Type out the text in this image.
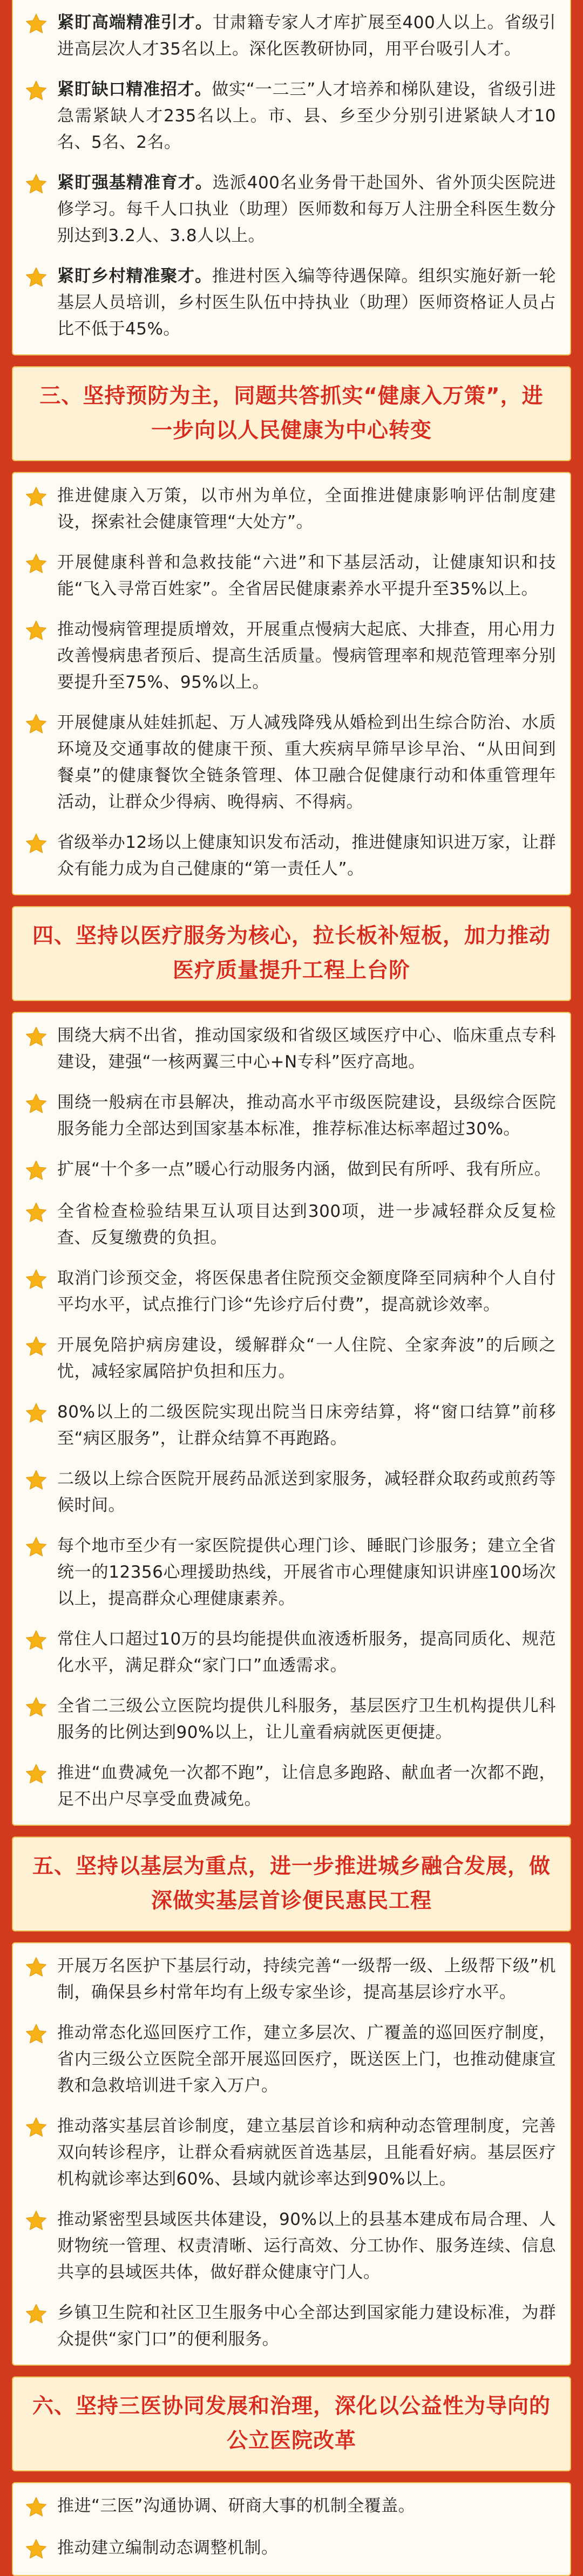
紧盯高端精准引才。甘肃籍专家人才库扩展至400人以上。省级引进高层次人才35名以上。深化医教研协同，用平台吸引人才。

紧盯缺口精准招才。做实“一二三”人才培养和梯队建设，省级引进急需紧缺人才235名以上。市、县、乡至少分别引进紧缺人才10名、5名、2名。

紧盯强基精准育才。选派400名业务骨干赴国外、省外顶尖医院进修学习。每千人口执业（助理）医师数和每万人注册全科医生数分别达到3.2人、3.8人以上。

紧盯乡村精准聚才。推进村医入编等待遇保障。组织实施好新一轮基层人员培训，乡村医生队伍中持执业（助理）医师资格证人员占比不低于45%。

三、坚持预防为主，同题共答抓实“健康入万策”，进一步向以人民健康为中心转变

推进健康入万策，以市州为单位，全面推进健康影响评估制度建设，探索社会健康管理“大处方”。

开展健康科普和急救技能“六进”和下基层活动，让健康知识和技能“飞入寻常百姓家”。全省居民健康素养水平提升至35%以上。

推动慢病管理提质增效，开展重点慢病大起底、大排查，用心用力改善慢病患者预后、提高生活质量。慢病管理率和规范管理率分别要提升至75%、95%以上。

开展健康从娃娃抓起、万人减残降残从婚检到出生综合防治、水质环境及交通事故的健康干预、重大疾病早筛早诊早治、“从田间到餐桌”的健康餐饮全链条管理、体卫融合促健康行动和体重管理年活动，让群众少得病、晚得病、不得病。

省级举办12场以上健康知识发布活动，推进健康知识进万家，让群众有能力成为自己健康的“第一责任人”。

四、坚持以医疗服务为核心，拉长板补短板，加力推动医疗质量提升工程上台阶

围绕大病不出省，推动国家级和省级区域医疗中心、临床重点专科建设，建强“一核两翼三中心+N专科”医疗高地。

围绕一般病在市县解决，推动高水平市级医院建设，县级综合医院服务能力全部达到国家基本标准，推荐标准达标率超过30%。

扩展“十个多一点”暖心行动服务内涵，做到民有所呼、我有所应。

全省检查检验结果互认项目达到300项，进一步减轻群众反复检查、反复缴费的负担。

取消门诊预交金，将医保患者住院预交金额度降至同病种个人自付平均水平，试点推行门诊“先诊疗后付费”，提高就诊效率。

开展免陪护病房建设，缓解群众“一人住院、全家奔波”的后顾之忧，减轻家属陪护负担和压力。

80%以上的二级医院实现出院当日床旁结算，将“窗口结算”前移至“病区服务”，让群众结算不再跑路。

二级以上综合医院开展药品派送到家服务，减轻群众取药或煎药等候时间。

每个地市至少有一家医院提供心理门诊、睡眠门诊服务；建立全省统一的12356心理援助热线，开展省市心理健康知识讲座100场次以上，提高群众心理健康素养。

常住人口超过10万的县均能提供血液透析服务，提高同质化、规范化水平，满足群众“家门口”血透需求。

全省二三级公立医院均提供儿科服务，基层医疗卫生机构提供儿科服务的比例达到90%以上，让儿童看病就医更便捷。

推进“血费减免一次都不跑”，让信息多跑路、献血者一次都不跑，足不出户尽享受血费减免。

五、坚持以基层为重点，进一步推进城乡融合发展，做深做实基层首诊便民惠民工程

开展万名医护下基层行动，持续完善“一级帮一级、上级帮下级”机制，确保县乡村常年均有上级专家坐诊，提高基层诊疗水平。

推动常态化巡回医疗工作，建立多层次、广覆盖的巡回医疗制度，省内三级公立医院全部开展巡回医疗，既送医上门，也推动健康宣教和急救培训进千家入万户。

推动落实基层首诊制度，建立基层首诊和病种动态管理制度，完善双向转诊程序，让群众看病就医首选基层，且能看好病。基层医疗机构就诊率达到60%、县域内就诊率达到90%以上。

推动紧密型县域医共体建设，90%以上的县基本建成布局合理、人财物统一管理、权责清晰、运行高效、分工协作、服务连续、信息共享的县域医共体，做好群众健康守门人。

乡镇卫生院和社区卫生服务中心全部达到国家能力建设标准，为群众提供“家门口”的便利服务。

六、坚持三医协同发展和治理，深化以公益性为导向的公立医院改革

推进“三医”沟通协调、研商大事的机制全覆盖。

推动建立编制动态调整机制。
